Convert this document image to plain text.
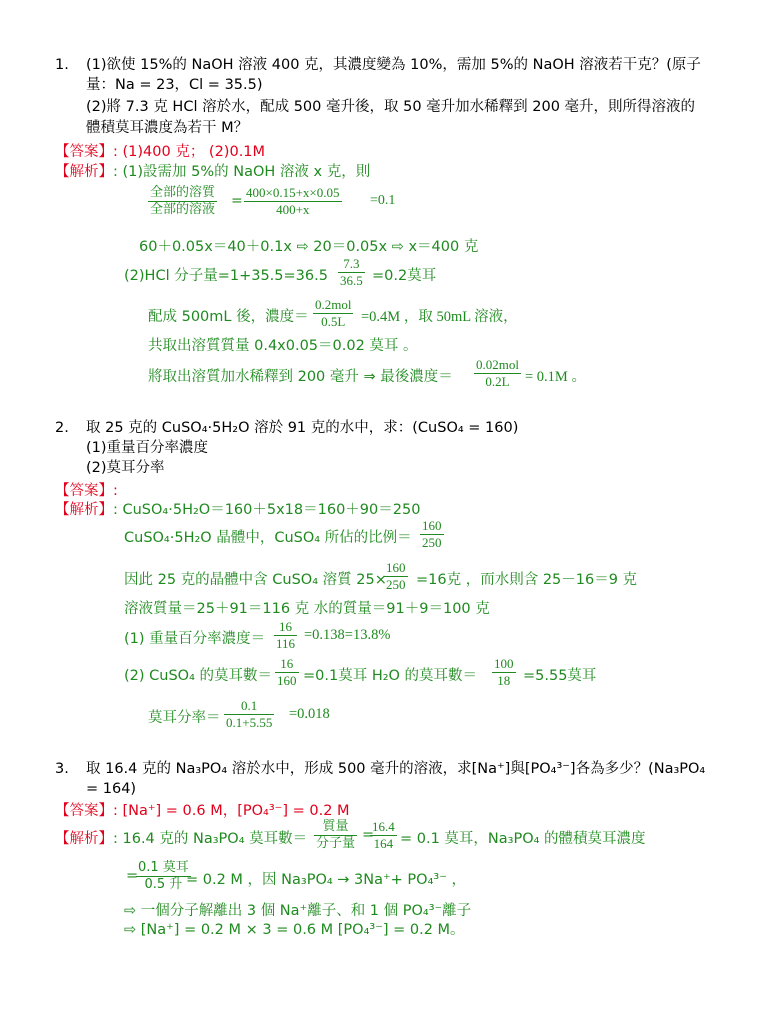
1. (1)欲使 15%的 NaOH 溶液 400 克，其濃度變為 10%，需加 5%的 NaOH 溶液若干克？(原子
量：Na = 23，Cl = 35.5)
(2)將 7.3 克 HCl 溶於水，配成 500 毫升後，取 50 毫升加水稀釋到 200 毫升，則所得溶液的
體積莫耳濃度為若干 M？
【答案】: (1)400 克； (2)0.1M
【解析】: (1)設需加 5%的 NaOH 溶液 x 克，則
全部的溶質
全部的溶液
= $\frac{400\times 0.15+x\times 0.05}{400+x} =0.1$
60＋0.05x＝40＋0.1x ⇨ 20＝0.05x ⇨ x＝400 克
(2)HCl 分子量$=1+35.5=36.5 \frac{7.3}{36.5} =0.2$莫耳
配成 500mL 後，濃度＝
0.2mol
0.5L	=0.4M ，取 50mL 溶液，
共取出溶質質量 0.4x0.05＝0.02 莫耳 。
將取出溶質加水稀釋到 200 毫升 ⇒ 最後濃度＝
0.02mol
0.2L	= 0.1M 。
2. 取 25 克的 CuSO₄·5H₂O 溶於 91 克的水中，求：(CuSO₄ = 160)
(1)重量百分率濃度
(2)莫耳分率
【答案】:
【解析】: CuSO₄·5H₂O＝160＋5x18＝160＋90＝250
CuSO₄·5H₂O 晶體中，CuSO₄ 所佔的比例＝ $\frac{160}{250}$
因此 25 克的晶體中含 CuSO₄ 溶質 25×
$\frac{160}{250} =16$克 ，而水則含 25－16＝9 克
溶液質量＝25＋91＝116 克 水的質量＝91＋9＝100 克
(1) 重量百分率濃度＝ $\frac{16}{116} =0.138=13.8\%$
(2) CuSO₄ 的莫耳數＝ $\frac{16}{160} =0.1$莫耳 H₂O 的莫耳數＝ $\frac{100}{18} =5.55$莫耳
莫耳分率＝ $\frac{0.1}{0.1+5.55} =0.018$
3. 取 16.4 克的 Na₃PO₄ 溶於水中，形成 500 毫升的溶液，求[Na⁺]與[PO₄³⁻]各為多少？(Na₃PO₄
= 164)
【答案】: [Na⁺] = 0.6 M，[PO₄³⁻] = 0.2 M
【解析】: 16.4 克的 Na₃PO₄ 莫耳數＝
質量
分子量
=
$\frac{16.4}{164} = 0.1$ 莫耳，Na₃PO₄ 的體積莫耳濃度
=
0.1 莫耳
0.5 升 = 0.2 M ，因 Na₃PO₄ → 3Na⁺+ PO₄³⁻ ，
⇨ 一個分子解離出 3 個 Na⁺離子、和 1 個 PO₄³⁻離子
⇨ [Na⁺] = 0.2 M × 3 = 0.6 M [PO₄³⁻] = 0.2 M。
